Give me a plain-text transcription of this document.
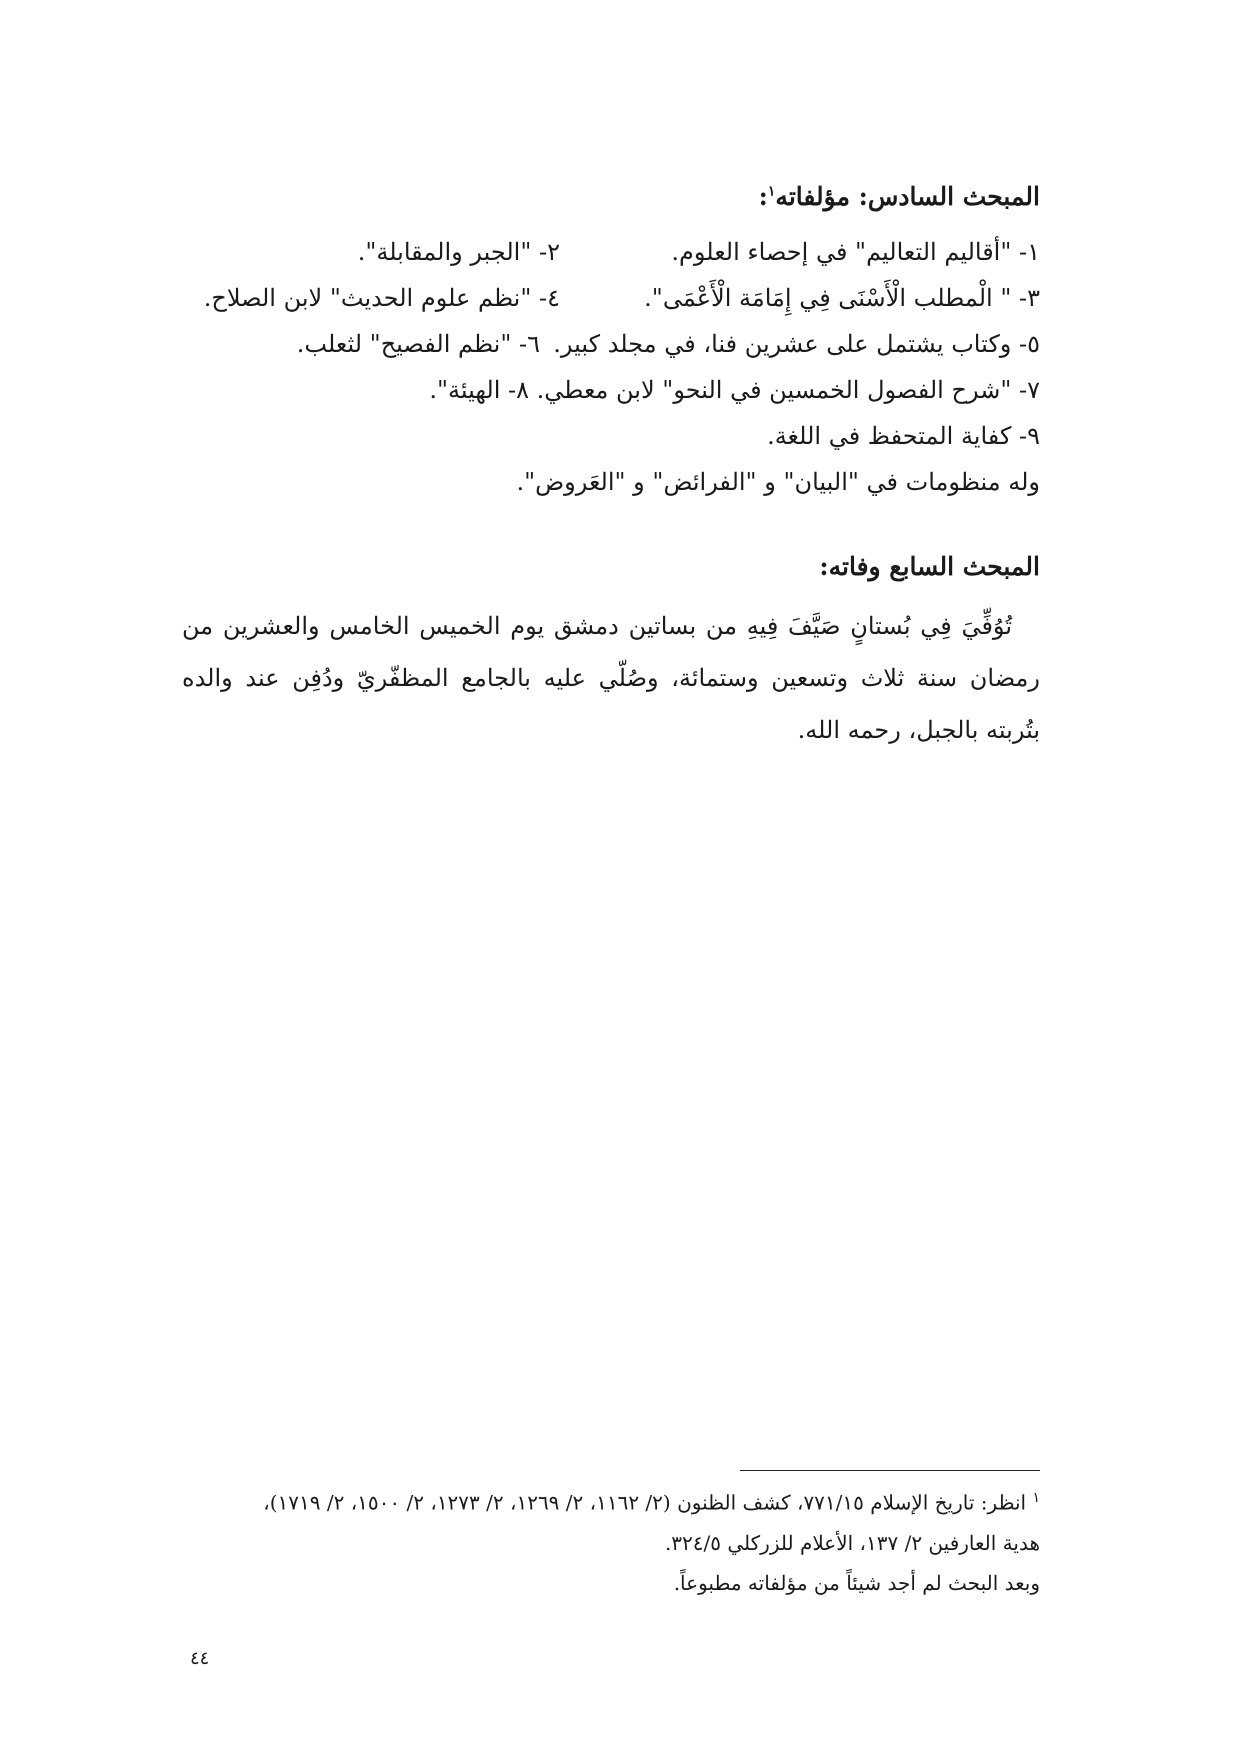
المبحث السادس: مؤلفاته$^١$:
١- "أقاليم التعاليم" في إحصاء العلوم.
٢- "الجبر والمقابلة".
٣- " الْمطلب الْأَسْنَى فِي إِمَامَة الْأَعْمَى".
٤- "نظم علوم الحديث" لابن الصلاح.
٥- وكتاب يشتمل على عشرين فنا، في مجلد كبير.
٦- "نظم الفصيح" لثعلب.
٧- "شرح الفصول الخمسين في النحو" لابن معطي. ٨- الهيئة".
٩- كفاية المتحفظ في اللغة.
وله منظومات في "البيان" و "الفرائض" و "العَروض".
المبحث السابع وفاته:
تُوُفِّيَ فِي بُستانٍ صَيَّفَ فِيهِ من بساتين دمشق يوم الخميس الخامس والعشرين من رمضان سنة ثلاث وتسعين وستمائة، وصُلّي عليه بالجامع المظفّريّ ودُفِن عند والده بتُربته بالجبل، رحمه الله.
$^١$ انظر: تاريخ الإسلام ٧٧١/١٥، كشف الظنون (٢/ ١١٦٢، ٢/ ١٢٦٩، ٢/ ١٢٧٣، ٢/ ١٥٠٠، ٢/ ١٧١٩)،
هدية العارفين ٢/ ١٣٧، الأعلام للزركلي ٣٢٤/٥.
وبعد البحث لم أجد شيئاً من مؤلفاته مطبوعاً.
٤٤
